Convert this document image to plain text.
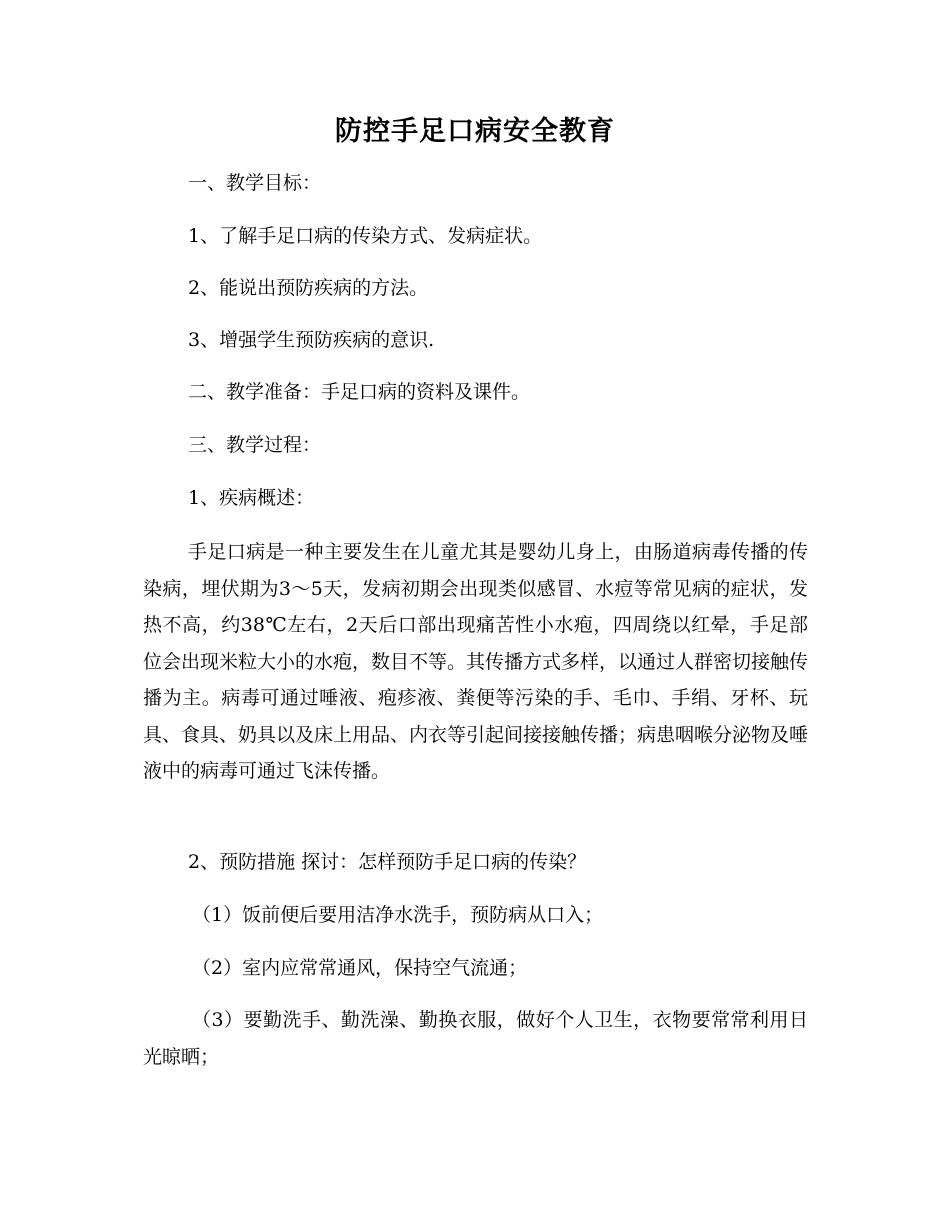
防控手足口病安全教育

一、教学目标：

1、了解手足口病的传染方式、发病症状。

2、能说出预防疾病的方法。

3、增强学生预防疾病的意识.

二、教学准备：手足口病的资料及课件。

三、教学过程：

1、疾病概述：

手足口病是一种主要发生在儿童尤其是婴幼儿身上，由肠道病毒传播的传染病，埋伏期为3～5天，发病初期会出现类似感冒、水痘等常见病的症状，发热不高，约38℃左右，2天后口部出现痛苦性小水疱，四周绕以红晕，手足部位会出现米粒大小的水疱，数目不等。其传播方式多样，以通过人群密切接触传播为主。病毒可通过唾液、疱疹液、粪便等污染的手、毛巾、手绢、牙杯、玩具、食具、奶具以及床上用品、内衣等引起间接接触传播；病患咽喉分泌物及唾液中的病毒可通过飞沫传播。

2、预防措施 探讨：怎样预防手足口病的传染？

（1）饭前便后要用洁净水洗手，预防病从口入；

（2）室内应常常通风，保持空气流通；

（3）要勤洗手、勤洗澡、勤换衣服，做好个人卫生，衣物要常常利用日光晾晒；
